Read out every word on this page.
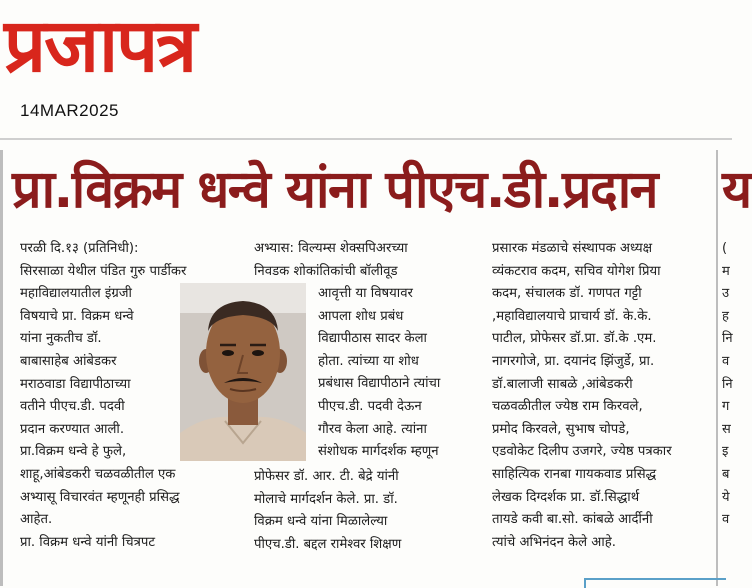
प्रजापत्र
14MAR2025
प्रा.विक्रम धन्वे यांना पीएच.डी.प्रदान	य
परळी दि.१३ (प्रतिनिधी):
सिरसाळा येथील पंडित गुरु पार्डीकर
महाविद्यालयातील इंग्रजी
विषयाचे प्रा. विक्रम धन्वे
यांना नुकतीच डॉ.
बाबासाहेब आंबेडकर
मराठवाडा विद्यापीठाच्या
वतीने पीएच.डी. पदवी
प्रदान करण्यात आली.
प्रा.विक्रम धन्वे हे फुले,
शाहू,आंबेडकरी चळवळीतील एक
अभ्यासू विचारवंत म्हणूनही प्रसिद्ध
आहेत.
प्रा. विक्रम धन्वे यांनी चित्रपट
अभ्यास: विल्यम्स शेक्सपिअरच्या
निवडक शोकांतिकांची बॉलीवूड
आवृत्ती या विषयावर
आपला शोध प्रबंध
विद्यापीठास सादर केला
होता. त्यांच्या या शोध
प्रबंधास विद्यापीठाने त्यांचा
पीएच.डी. पदवी देऊन
गौरव केला आहे. त्यांना
संशोधक मार्गदर्शक म्हणून
प्रोफेसर डॉ. आर. टी. बेद्रे यांनी
मोलाचे मार्गदर्शन केले. प्रा. डॉ.
विक्रम धन्वे यांना मिळालेल्या
पीएच.डी. बद्दल रामेश्वर शिक्षण
प्रसारक मंडळाचे संस्थापक अध्यक्ष
व्यंकटराव कदम, सचिव योगेश प्रिया
कदम, संचालक डॉ. गणपत गट्टी
,महाविद्यालयाचे प्राचार्य डॉ. के.के.
पाटील, प्रोफेसर डॉ.प्रा. डॉ.के .एम.
नागरगोजे, प्रा. दयानंद झिंजुर्डे, प्रा.
डॉ.बालाजी साबळे ,आंबेडकरी
चळवळीतील ज्येष्ठ राम किरवले,
प्रमोद किरवले, सुभाष चोपडे,
एडवोकेट दिलीप उजगरे, ज्येष्ठ पत्रकार
साहित्यिक रानबा गायकवाड प्रसिद्ध
लेखक दिग्दर्शक प्रा. डॉ.सिद्धार्थ
तायडे कवी बा.सो. कांबळे आर्दीनी
त्यांचे अभिनंदन केले आहे.
(
म
उ
ह
नि
व
नि
ग
स
इ
ब
ये
व
